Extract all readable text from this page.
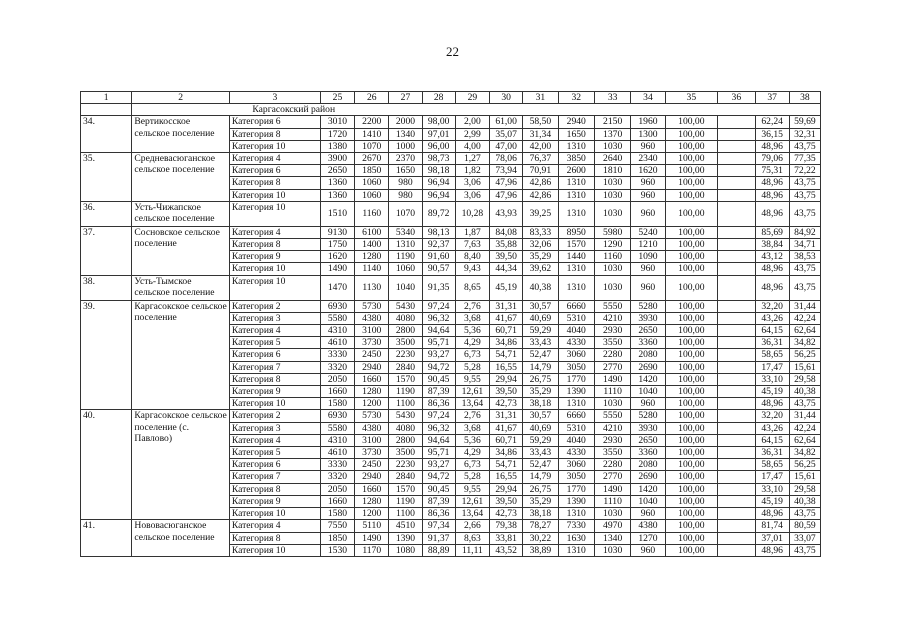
22
1	2	3	25	26	27	28	29	30	31	32	33	34	35	36	37	38
	Каргасокский район															
34.	Вертикосское сельское поселение	Категория 6	3010	2200	2000	98,00	2,00	61,00	58,50	2940	2150	1960	100,00		62,24	59,69
		Категория 8	1720	1410	1340	97,01	2,99	35,07	31,34	1650	1370	1300	100,00		36,15	32,31
		Категория 10	1380	1070	1000	96,00	4,00	47,00	42,00	1310	1030	960	100,00		48,96	43,75
35.	Средневасюганское сельское поселение	Категория 4	3900	2670	2370	98,73	1,27	78,06	76,37	3850	2640	2340	100,00		79,06	77,35
		Категория 6	2650	1850	1650	98,18	1,82	73,94	70,91	2600	1810	1620	100,00		75,31	72,22
		Категория 8	1360	1060	980	96,94	3,06	47,96	42,86	1310	1030	960	100,00		48,96	43,75
		Категория 10	1360	1060	980	96,94	3,06	47,96	42,86	1310	1030	960	100,00		48,96	43,75
36.	Усть-Чижапское сельское поселение	Категория 10	1510	1160	1070	89,72	10,28	43,93	39,25	1310	1030	960	100,00		48,96	43,75
37.	Сосновское сельское поселение	Категория 4	9130	6100	5340	98,13	1,87	84,08	83,33	8950	5980	5240	100,00		85,69	84,92
		Категория 8	1750	1400	1310	92,37	7,63	35,88	32,06	1570	1290	1210	100,00		38,84	34,71
		Категория 9	1620	1280	1190	91,60	8,40	39,50	35,29	1440	1160	1090	100,00		43,12	38,53
		Категория 10	1490	1140	1060	90,57	9,43	44,34	39,62	1310	1030	960	100,00		48,96	43,75
38.	Усть-Тымское сельское поселение	Категория 10	1470	1130	1040	91,35	8,65	45,19	40,38	1310	1030	960	100,00		48,96	43,75
39.	Каргасокское сельское поселение	Категория 2	6930	5730	5430	97,24	2,76	31,31	30,57	6660	5550	5280	100,00		32,20	31,44
		Категория 3	5580	4380	4080	96,32	3,68	41,67	40,69	5310	4210	3930	100,00		43,26	42,24
		Категория 4	4310	3100	2800	94,64	5,36	60,71	59,29	4040	2930	2650	100,00		64,15	62,64
		Категория 5	4610	3730	3500	95,71	4,29	34,86	33,43	4330	3550	3360	100,00		36,31	34,82
		Категория 6	3330	2450	2230	93,27	6,73	54,71	52,47	3060	2280	2080	100,00		58,65	56,25
		Категория 7	3320	2940	2840	94,72	5,28	16,55	14,79	3050	2770	2690	100,00		17,47	15,61
		Категория 8	2050	1660	1570	90,45	9,55	29,94	26,75	1770	1490	1420	100,00		33,10	29,58
		Категория 9	1660	1280	1190	87,39	12,61	39,50	35,29	1390	1110	1040	100,00		45,19	40,38
		Категория 10	1580	1200	1100	86,36	13,64	42,73	38,18	1310	1030	960	100,00		48,96	43,75
40.	Каргасокское сельское поселение (с. Павлово)	Категория 2	6930	5730	5430	97,24	2,76	31,31	30,57	6660	5550	5280	100,00		32,20	31,44
		Категория 3	5580	4380	4080	96,32	3,68	41,67	40,69	5310	4210	3930	100,00		43,26	42,24
		Категория 4	4310	3100	2800	94,64	5,36	60,71	59,29	4040	2930	2650	100,00		64,15	62,64
		Категория 5	4610	3730	3500	95,71	4,29	34,86	33,43	4330	3550	3360	100,00		36,31	34,82
		Категория 6	3330	2450	2230	93,27	6,73	54,71	52,47	3060	2280	2080	100,00		58,65	56,25
		Категория 7	3320	2940	2840	94,72	5,28	16,55	14,79	3050	2770	2690	100,00		17,47	15,61
		Категория 8	2050	1660	1570	90,45	9,55	29,94	26,75	1770	1490	1420	100,00		33,10	29,58
		Категория 9	1660	1280	1190	87,39	12,61	39,50	35,29	1390	1110	1040	100,00		45,19	40,38
		Категория 10	1580	1200	1100	86,36	13,64	42,73	38,18	1310	1030	960	100,00		48,96	43,75
41.	Нововасюганское сельское поселение	Категория 4	7550	5110	4510	97,34	2,66	79,38	78,27	7330	4970	4380	100,00		81,74	80,59
		Категория 8	1850	1490	1390	91,37	8,63	33,81	30,22	1630	1340	1270	100,00		37,01	33,07
		Категория 10	1530	1170	1080	88,89	11,11	43,52	38,89	1310	1030	960	100,00		48,96	43,75
